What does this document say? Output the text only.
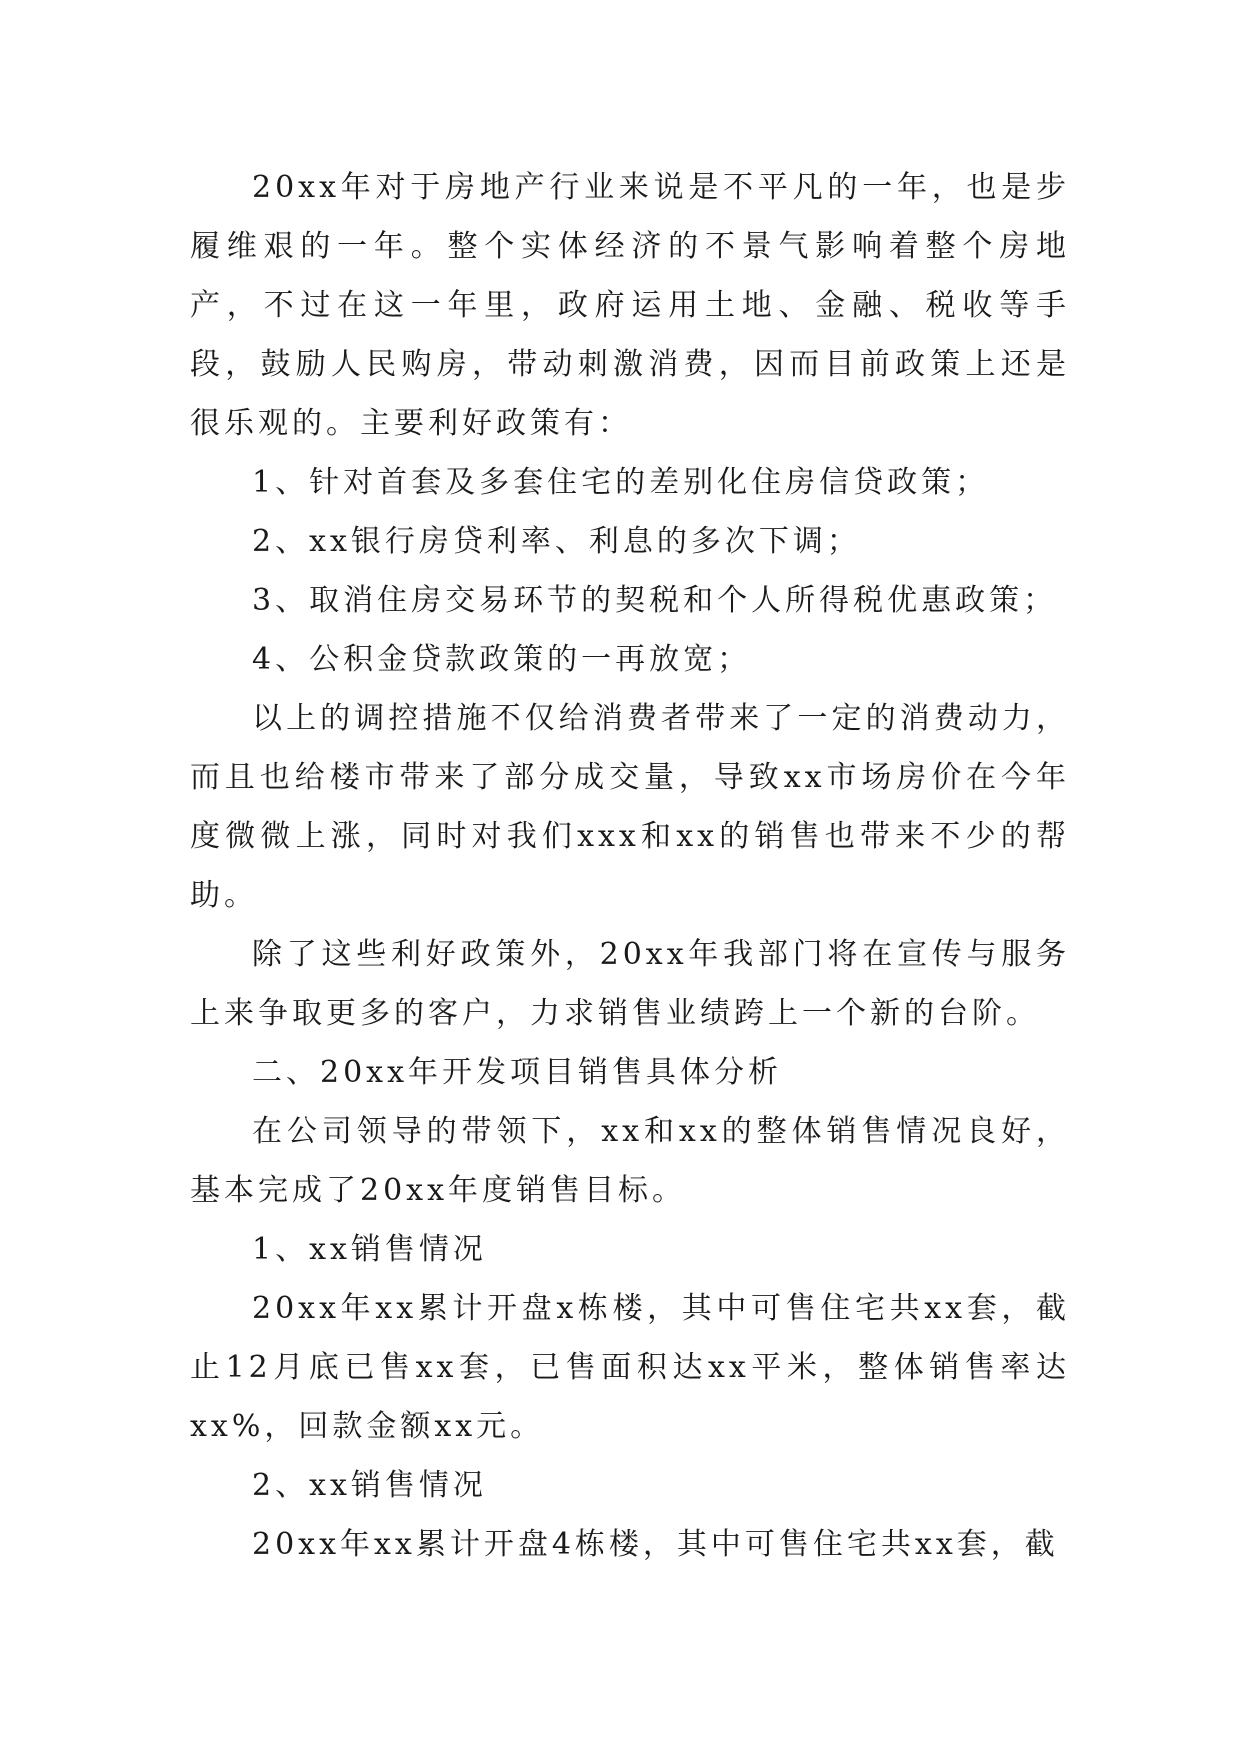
20xx年对于房地产行业来说是不平凡的一年，也是步履维艰的一年。整个实体经济的不景气影响着整个房地产，不过在这一年里，政府运用土地、金融、税收等手段，鼓励人民购房，带动刺激消费，因而目前政策上还是很乐观的。主要利好政策有：

1、针对首套及多套住宅的差别化住房信贷政策；

2、xx银行房贷利率、利息的多次下调；

3、取消住房交易环节的契税和个人所得税优惠政策；

4、公积金贷款政策的一再放宽；

以上的调控措施不仅给消费者带来了一定的消费动力，而且也给楼市带来了部分成交量，导致xx市场房价在今年度微微上涨，同时对我们xxx和xx的销售也带来不少的帮助。

除了这些利好政策外，20xx年我部门将在宣传与服务上来争取更多的客户，力求销售业绩跨上一个新的台阶。

二、20xx年开发项目销售具体分析

在公司领导的带领下，xx和xx的整体销售情况良好，基本完成了20xx年度销售目标。

1、xx销售情况

20xx年xx累计开盘x栋楼，其中可售住宅共xx套，截止12月底已售xx套，已售面积达xx平米，整体销售率达xx%，回款金额xx元。

2、xx销售情况

20xx年xx累计开盘4栋楼，其中可售住宅共xx套，截
